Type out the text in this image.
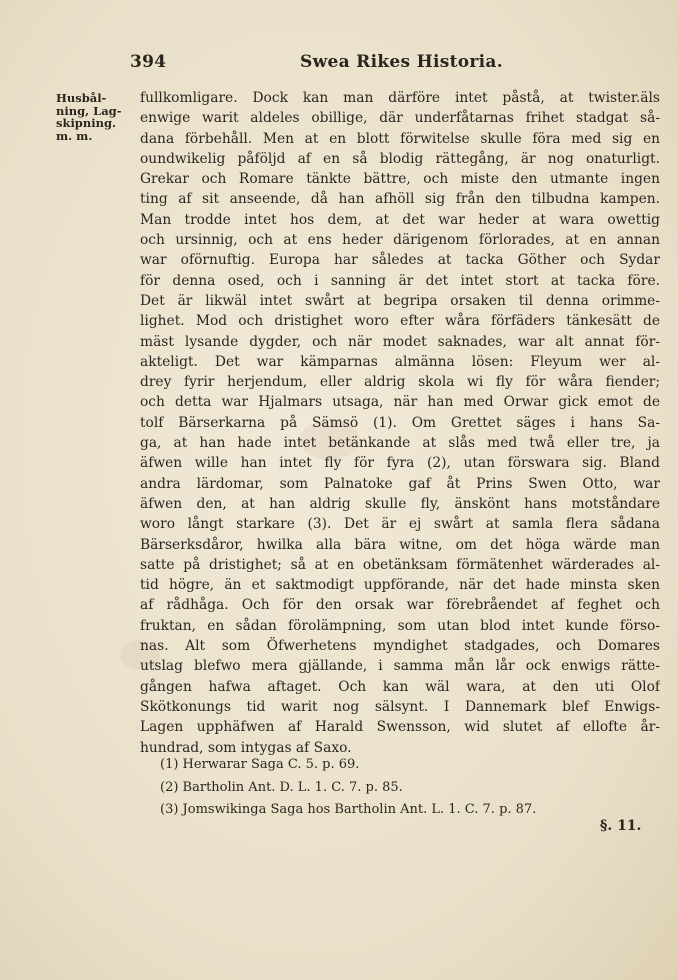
394	Swea Rikes Historia.
Husbål-
ning, Lag-
skipning.
m. m.
fullkomligare. Dock kan man därföre intet påstå, at twister.äls
enwige warit aldeles obillige, där underfåtarnas frihet stadgat så-
dana förbehåll. Men at en blott förwitelse skulle föra med sig en
oundwikelig påföljd af en så blodig rättegång, är nog onaturligt.
Grekar och Romare tänkte bättre, och miste den utmante ingen
ting af sit anseende, då han afhöll sig från den tilbudna kampen.
Man trodde intet hos dem, at det war heder at wara owettig
och ursinnig, och at ens heder därigenom förlorades, at en annan
war oförnuftig. Europa har således at tacka Göther och Sydar
för denna osed, och i sanning är det intet stort at tacka före.
Det är likwäl intet swårt at begripa orsaken til denna orimme-
lighet. Mod och dristighet woro efter wåra förfäders tänkesätt de
mäst lysande dygder, och när modet saknades, war alt annat för-
akteligt. Det war kämparnas almänna lösen: Fleyum wer al-
drey fyrir herjendum, eller aldrig skola wi fly för wåra fiender;
och detta war Hjalmars utsaga, när han med Orwar gick emot de
tolf Bärserkarna på Sämsö (1). Om Grettet säges i hans Sa-
ga, at han hade intet betänkande at slås med twå eller tre, ja
äfwen wille han intet fly för fyra (2), utan förswara sig. Bland
andra lärdomar, som Palnatoke gaf åt Prins Swen Otto, war
äfwen den, at han aldrig skulle fly, änskönt hans motståndare
woro långt starkare (3). Det är ej swårt at samla flera sådana
Bärserksdåror, hwilka alla bära witne, om det höga wärde man
satte på dristighet; så at en obetänksam förmätenhet wärderades al-
tid högre, än et saktmodigt uppförande, när det hade minsta sken
af rådhåga. Och för den orsak war förebråendet af feghet och
fruktan, en sådan förolämpning, som utan blod intet kunde förso-
nas. Alt som Öfwerhetens myndighet stadgades, och Domares
utslag blefwo mera gjällande, i samma mån lår ock enwigs rätte-
gången hafwa aftaget. Och kan wäl wara, at den uti Olof
Skötkonungs tid warit nog sälsynt. I Dannemark blef Enwigs-
Lagen upphäfwen af Harald Swensson, wid slutet af ellofte år-
hundrad, som intygas af Saxo.
(1) Herwarar Saga C. 5. p. 69.
(2) Bartholin Ant. D. L. 1. C. 7. p. 85.
(3) Jomswikinga Saga hos Bartholin Ant. L. 1. C. 7. p. 87.
§. 11.
